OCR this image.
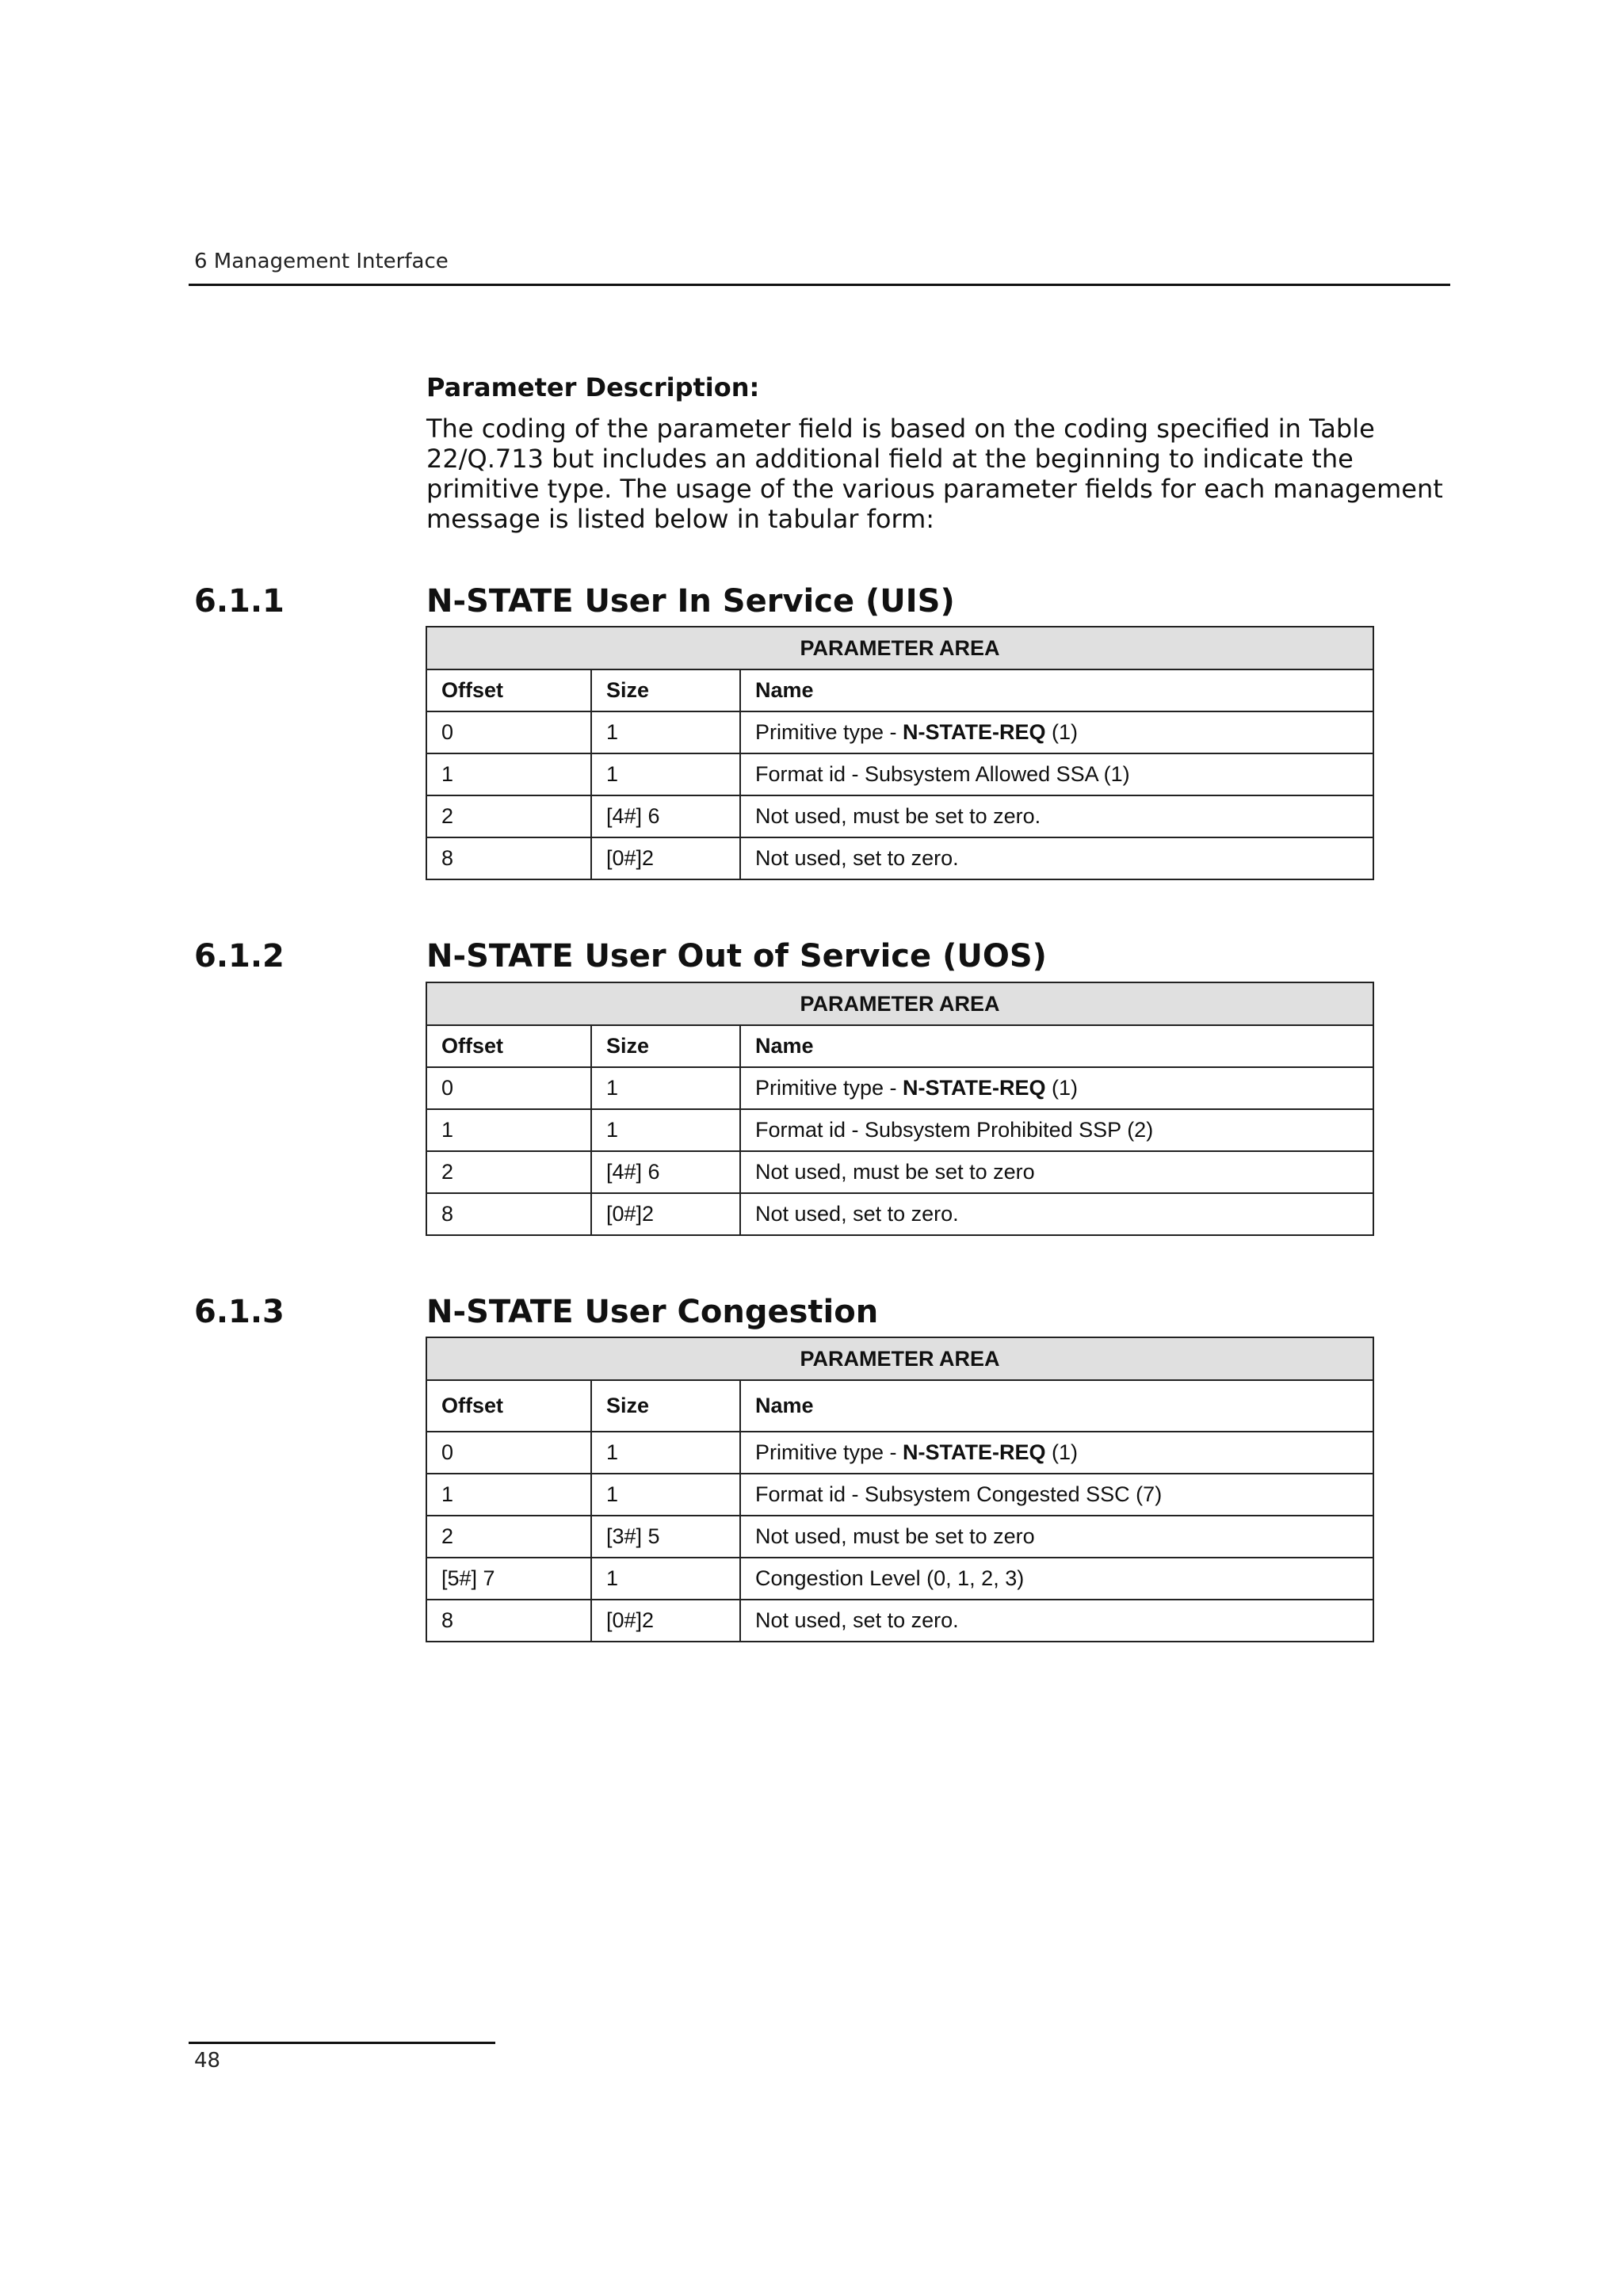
6 Management Interface

Parameter Description:

The coding of the parameter field is based on the coding specified in Table
22/Q.713 but includes an additional field at the beginning to indicate the
primitive type. The usage of the various parameter fields for each management
message is listed below in tabular form:

6.1.1	N-STATE User In Service (UIS)
PARAMETER AREA		
Offset	Size	Name
0	1	Primitive type - N-STATE-REQ (1)
1	1	Format id - Subsystem Allowed SSA (1)
2	[4#] 6	Not used, must be set to zero.
8	[0#]2	Not used, set to zero.
6.1.2	N-STATE User Out of Service (UOS)
PARAMETER AREA		
Offset	Size	Name
0	1	Primitive type - N-STATE-REQ (1)
1	1	Format id - Subsystem Prohibited SSP (2)
2	[4#] 6	Not used, must be set to zero
8	[0#]2	Not used, set to zero.
6.1.3	N-STATE User Congestion
PARAMETER AREA		
Offset	Size	Name
0	1	Primitive type - N-STATE-REQ (1)
1	1	Format id - Subsystem Congested SSC (7)
2	[3#] 5	Not used, must be set to zero
[5#] 7	1	Congestion Level (0, 1, 2, 3)
8	[0#]2	Not used, set to zero.
48
